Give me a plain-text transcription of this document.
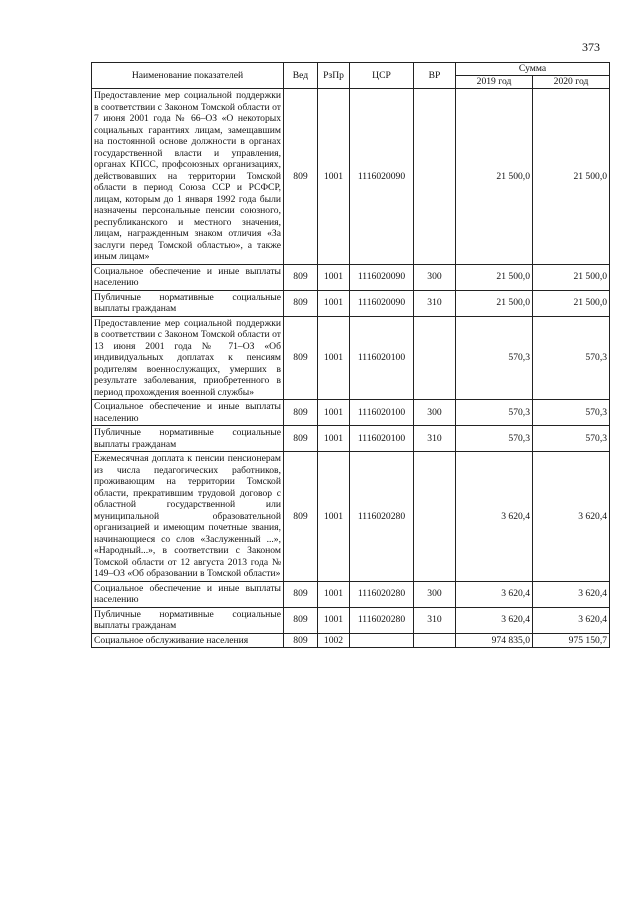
373
Наименование показателей	Вед	РзПр	ЦСР	ВР	Сумма	
					2019 год	2020 год
Предоставление мер социальной поддержки в соответствии с Законом Томской области от 7 июня 2001 года № 66–ОЗ «О некоторых социальных гарантиях лицам, замещавшим на постоянной основе должности в органах государственной власти и управления, органах КПСС, профсоюзных организациях, действовавших на территории Томской области в период Союза ССР и РСФСР, лицам, которым до 1 января 1992 года были назначены персональные пенсии союзного, республиканского и местного значения, лицам, награжденным знаком отличия «За заслуги перед Томской областью», а также иным лицам»	809	1001	1116020090		21 500,0	21 500,0
Социальное обеспечение и иные выплаты населению	809	1001	1116020090	300	21 500,0	21 500,0
Публичные нормативные социальные выплаты гражданам	809	1001	1116020090	310	21 500,0	21 500,0
Предоставление мер социальной поддержки в соответствии с Законом Томской области от 13 июня 2001 года № 71–ОЗ «Об индивидуальных доплатах к пенсиям родителям военнослужащих, умерших в результате заболевания, приобретенного в период прохождения военной службы»	809	1001	1116020100		570,3	570,3
Социальное обеспечение и иные выплаты населению	809	1001	1116020100	300	570,3	570,3
Публичные нормативные социальные выплаты гражданам	809	1001	1116020100	310	570,3	570,3
Ежемесячная доплата к пенсии пенсионерам из числа педагогических работников, проживающим на территории Томской области, прекратившим трудовой договор с областной государственной или муниципальной образовательной организацией и имеющим почетные звания, начинающиеся со слов «Заслуженный ...», «Народный...», в соответствии с Законом Томской области от 12 августа 2013 года № 149–ОЗ «Об образовании в Томской области»	809	1001	1116020280		3 620,4	3 620,4
Социальное обеспечение и иные выплаты населению	809	1001	1116020280	300	3 620,4	3 620,4
Публичные нормативные социальные выплаты гражданам	809	1001	1116020280	310	3 620,4	3 620,4
Социальное обслуживание населения	809	1002			974 835,0	975 150,7
